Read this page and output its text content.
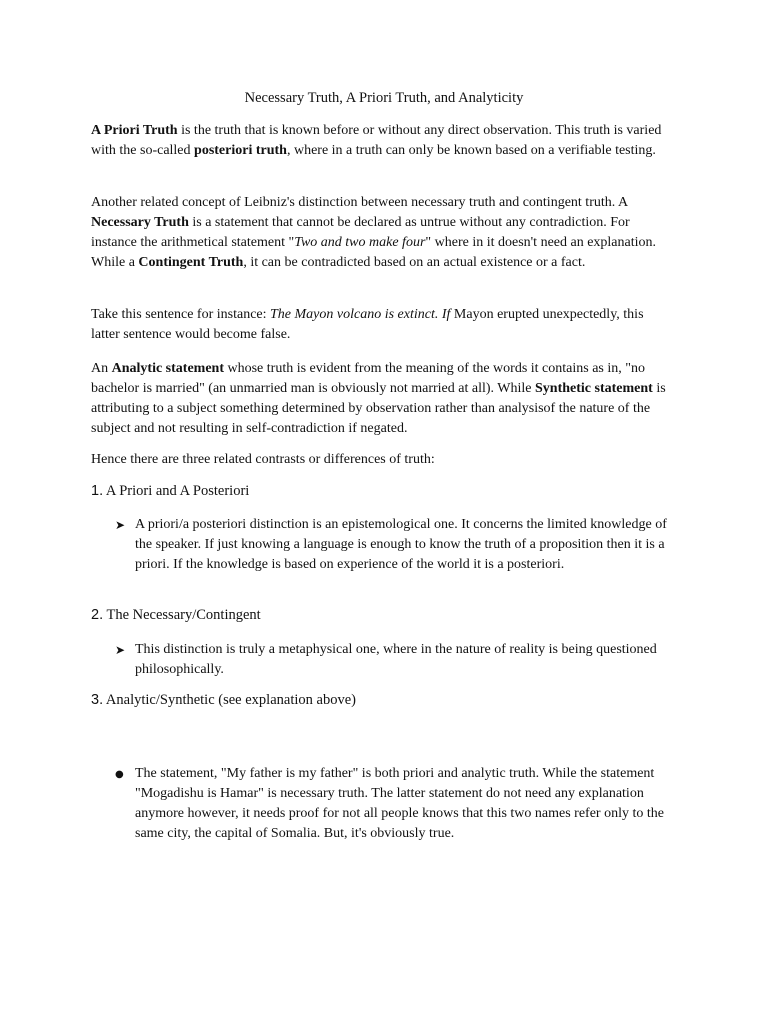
Necessary Truth, A Priori Truth, and Analyticity

A Priori Truth is the truth that is known before or without any direct observation. This truth is varied with the so-called posteriori truth, where in a truth can only be known based on a verifiable testing.

Another related concept of Leibniz's distinction between necessary truth and contingent truth. A Necessary Truth is a statement that cannot be declared as untrue without any contradiction. For instance the arithmetical statement "Two and two make four" where in it doesn't need an explanation. While a Contingent Truth, it can be contradicted based on an actual existence or a fact.

Take this sentence for instance: The Mayon volcano is extinct. If Mayon erupted unexpectedly, this latter sentence would become false.

An Analytic statement whose truth is evident from the meaning of the words it contains as in, "no bachelor is married" (an unmarried man is obviously not married at all). While Synthetic statement is attributing to a subject something determined by observation rather than analysisof the nature of the subject and not resulting in self-contradiction if negated.

Hence there are three related contrasts or differences of truth:

1. A Priori and A Posteriori

➤ A priori/a posteriori distinction is an epistemological one. It concerns the limited knowledge of the speaker. If just knowing a language is enough to know the truth of a proposition then it is a priori. If the knowledge is based on experience of the world it is a posteriori.

2. The Necessary/Contingent

➤ This distinction is truly a metaphysical one, where in the nature of reality is being questioned philosophically.

3. Analytic/Synthetic (see explanation above)

● The statement, "My father is my father" is both priori and analytic truth. While the statement "Mogadishu is Hamar" is necessary truth. The latter statement do not need any explanation anymore however, it needs proof for not all people knows that this two names refer only to the same city, the capital of Somalia. But, it's obviously true.
